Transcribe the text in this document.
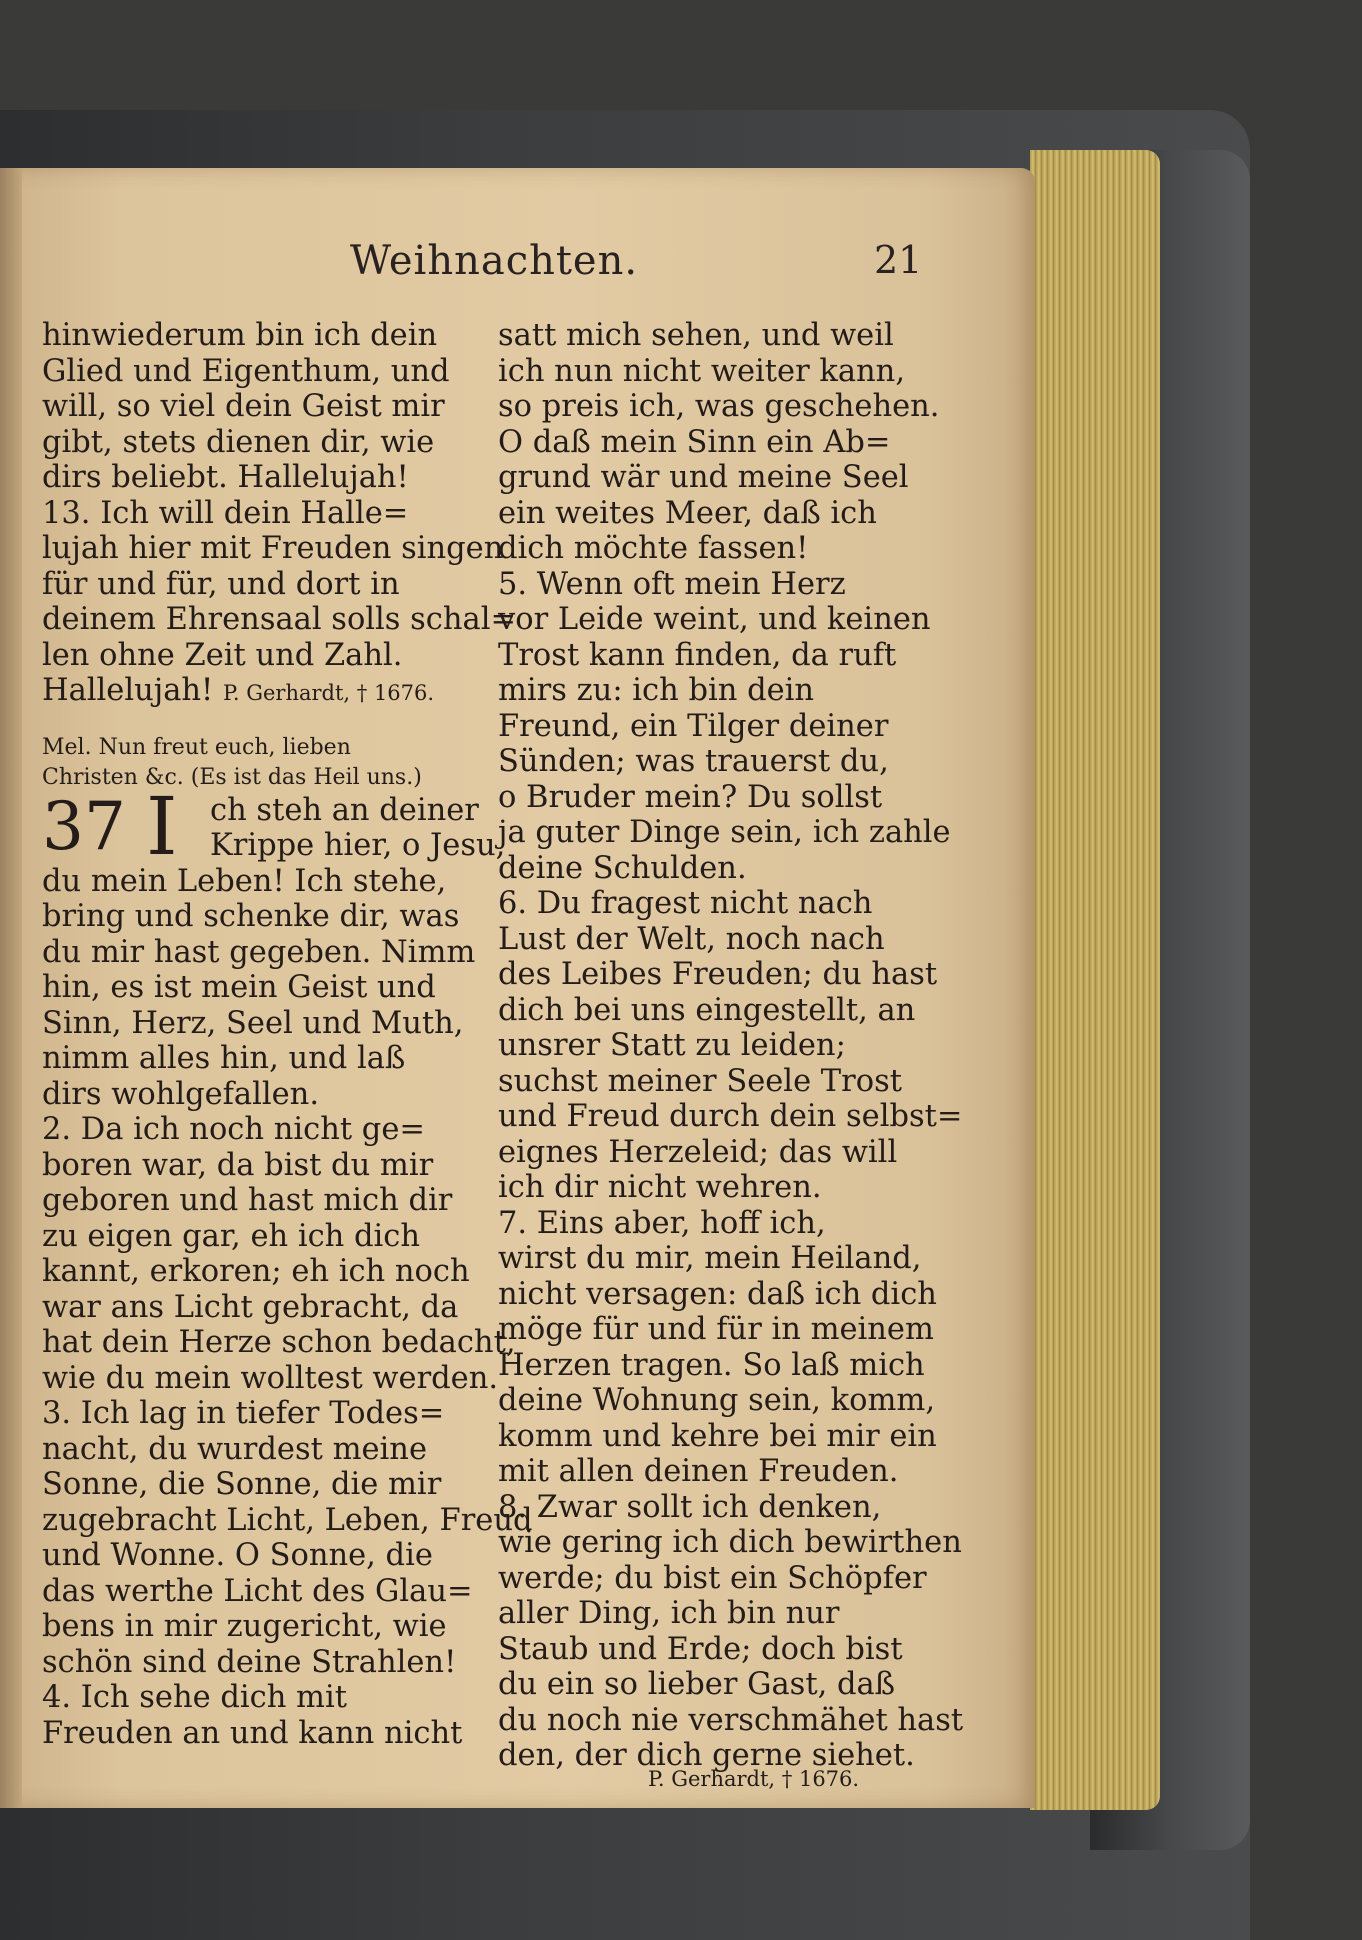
Weihnachten.	21
hinwiederum bin ich dein
Glied und Eigenthum, und
will, so viel dein Geist mir
gibt, stets dienen dir, wie
dirs beliebt. Hallelujah!
13. Ich will dein Halle=
lujah hier mit Freuden singen
für und für, und dort in
deinem Ehrensaal solls schal=
len ohne Zeit und Zahl.
Hallelujah! P. Gerhardt, † 1676.
Mel. Nun freut euch, lieben
Christen &c. (Es ist das Heil uns.)
37 I ch steh an deiner
Krippe hier, o Jesu,
du mein Leben! Ich stehe,
bring und schenke dir, was
du mir hast gegeben. Nimm
hin, es ist mein Geist und
Sinn, Herz, Seel und Muth,
nimm alles hin, und laß
dirs wohlgefallen.
2. Da ich noch nicht ge=
boren war, da bist du mir
geboren und hast mich dir
zu eigen gar, eh ich dich
kannt, erkoren; eh ich noch
war ans Licht gebracht, da
hat dein Herze schon bedacht,
wie du mein wolltest werden.
3. Ich lag in tiefer Todes=
nacht, du wurdest meine
Sonne, die Sonne, die mir
zugebracht Licht, Leben, Freud
und Wonne. O Sonne, die
das werthe Licht des Glau=
bens in mir zugericht, wie
schön sind deine Strahlen!
4. Ich sehe dich mit
Freuden an und kann nicht
satt mich sehen, und weil
ich nun nicht weiter kann,
so preis ich, was geschehen.
O daß mein Sinn ein Ab=
grund wär und meine Seel
ein weites Meer, daß ich
dich möchte fassen!
5. Wenn oft mein Herz
vor Leide weint, und keinen
Trost kann finden, da ruft
mirs zu: ich bin dein
Freund, ein Tilger deiner
Sünden; was trauerst du,
o Bruder mein? Du sollst
ja guter Dinge sein, ich zahle
deine Schulden.
6. Du fragest nicht nach
Lust der Welt, noch nach
des Leibes Freuden; du hast
dich bei uns eingestellt, an
unsrer Statt zu leiden;
suchst meiner Seele Trost
und Freud durch dein selbst=
eignes Herzeleid; das will
ich dir nicht wehren.
7. Eins aber, hoff ich,
wirst du mir, mein Heiland,
nicht versagen: daß ich dich
möge für und für in meinem
Herzen tragen. So laß mich
deine Wohnung sein, komm,
komm und kehre bei mir ein
mit allen deinen Freuden.
8. Zwar sollt ich denken,
wie gering ich dich bewirthen
werde; du bist ein Schöpfer
aller Ding, ich bin nur
Staub und Erde; doch bist
du ein so lieber Gast, daß
du noch nie verschmähet hast
den, der dich gerne siehet.
P. Gerhardt, † 1676.
